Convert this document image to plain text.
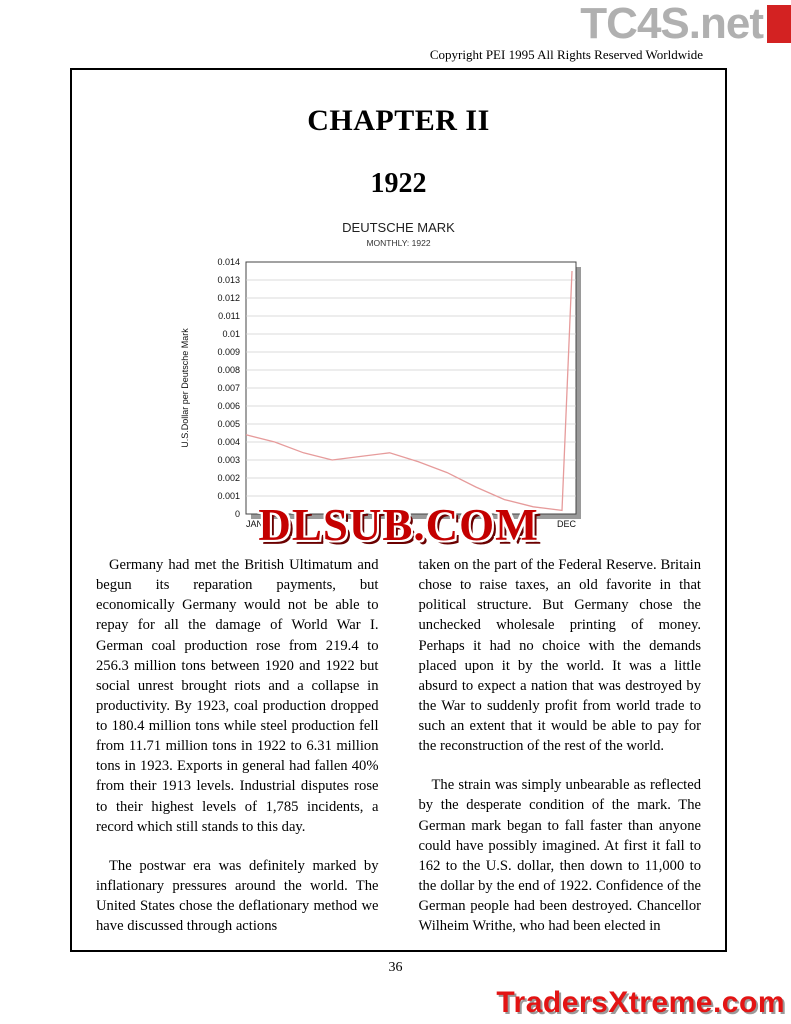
TC4S.net
Copyright PEI 1995 All Rights Reserved Worldwide
CHAPTER II
1922
DEUTSCHE MARK
MONTHLY: 1922
0.014
0.013
0.012
0.011
0.01
0.009
0.008
0.007
0.006
0.005
0.004
0.003
0.002
0.001
0
JAN	DEC
U.S.Dollar per Deutsche Mark
DLSUB.COM

Germany had met the British Ultimatum and begun its reparation payments, but economically Germany would not be able to repay for all the damage of World War I. German coal production rose from 219.4 to 256.3 million tons between 1920 and 1922 but social unrest brought riots and a collapse in productivity. By 1923, coal production dropped to 180.4 million tons while steel production fell from 11.71 million tons in 1922 to 6.31 million tons in 1923. Exports in general had fallen 40% from their 1913 levels. Industrial disputes rose to their highest levels of 1,785 incidents, a record which still stands to this day.

The postwar era was definitely marked by inflationary pressures around the world. The United States chose the deflationary method we have discussed through actions

taken on the part of the Federal Reserve. Britain chose to raise taxes, an old favorite in that political structure. But Germany chose the unchecked wholesale printing of money. Perhaps it had no choice with the demands placed upon it by the world. It was a little absurd to expect a nation that was destroyed by the War to suddenly profit from world trade to such an extent that it would be able to pay for the reconstruction of the rest of the world.

The strain was simply unbearable as reflected by the desperate condition of the mark. The German mark began to fall faster than anyone could have possibly imagined. At first it fall to 162 to the U.S. dollar, then down to 11,000 to the dollar by the end of 1922. Confidence of the German people had been destroyed. Chancellor Wilheim Writhe, who had been elected in

36
TradersXtreme.com
